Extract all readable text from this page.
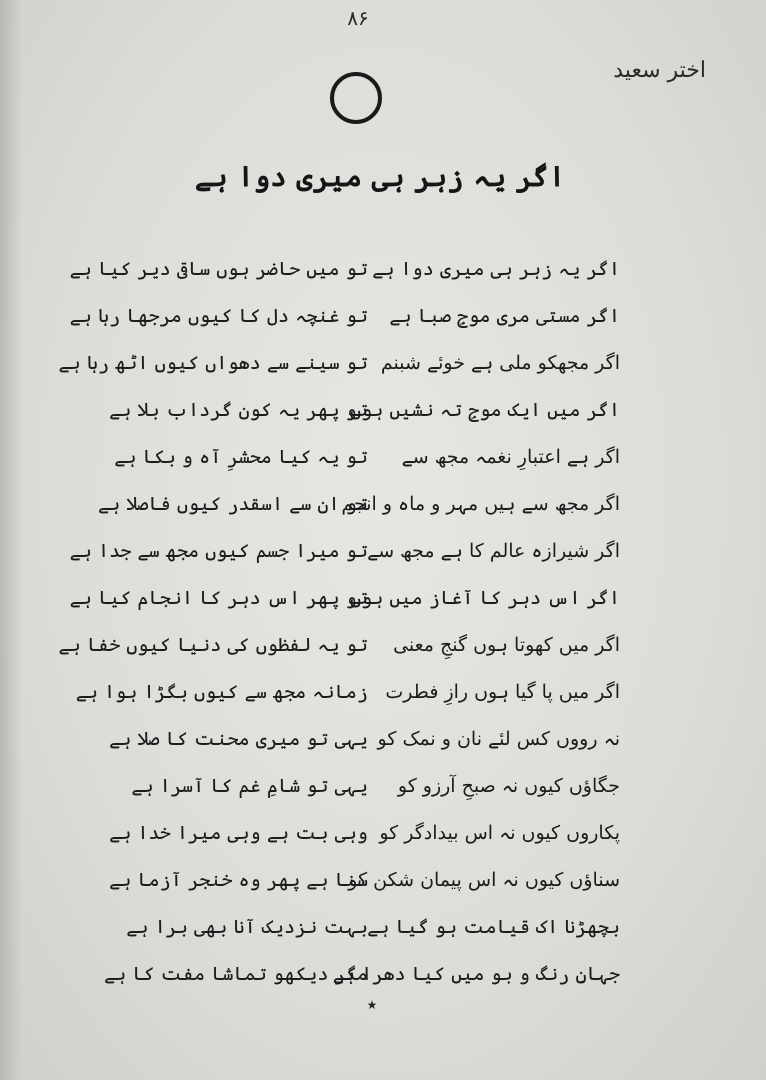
۸۶
اختر سعید
اگر یہ زہر ہی میری دوا ہے
اگر یہ زہر ہی میری دوا ہے
تو میں حاضر ہوں ساقی دیر کیا ہے
اگر مستی مری موجِ صبا ہے
تو غنچہ دل کا کیوں مرجھا رہا ہے
اگر مجھکو ملی ہے خوئے شبنم
تو سینے سے دھواں کیوں اٹھ رہا ہے
اگر میں ایک موجِ تہ نشیں ہوں
تو پھر یہ کون گرداب بلا ہے
اگر ہے اعتبارِ نغمہ مجھ سے
تو یہ کیا محشرِ آہ و بکا ہے
اگر مجھ سے ہیں مہر و ماہ و انجم
تو ان سے اسقدر کیوں فاصلا ہے
اگر شیرازہ عالم کا ہے مجھ سے
تو میرا جسم کیوں مجھ سے جدا ہے
اگر اس دہر کا آغاز میں ہوں
تو پھر اس دہر کا انجام کیا ہے
اگر میں کھوتا ہوں گنجِ معنی
تو یہ لفظوں کی دنیا کیوں خفا ہے
اگر میں پا گیا ہوں رازِ فطرت
زمانہ مجھ سے کیوں بگڑا ہوا ہے
نہ رووں کس لئے نان و نمک کو
یہی تو میری محنت کا صلا ہے
جگاؤں کیوں نہ صبحِ آرزو کو
یہی تو شامِ غم کا آسرا ہے
پکاروں کیوں نہ اس بیدادگر کو
وہی بت ہے وہی میرا خدا ہے
سناؤں کیوں نہ اس پیمان شکن کو
سنا ہے پھر وہ خنجر آزما ہے
بچھڑنا اک قیامت ہو گیا ہے
بہت نزدیک آنا بھی برا ہے
جہانِ رنگ و بو میں کیا دھرا ہے
مگر دیکھو تماشا مفت کا ہے
٭
